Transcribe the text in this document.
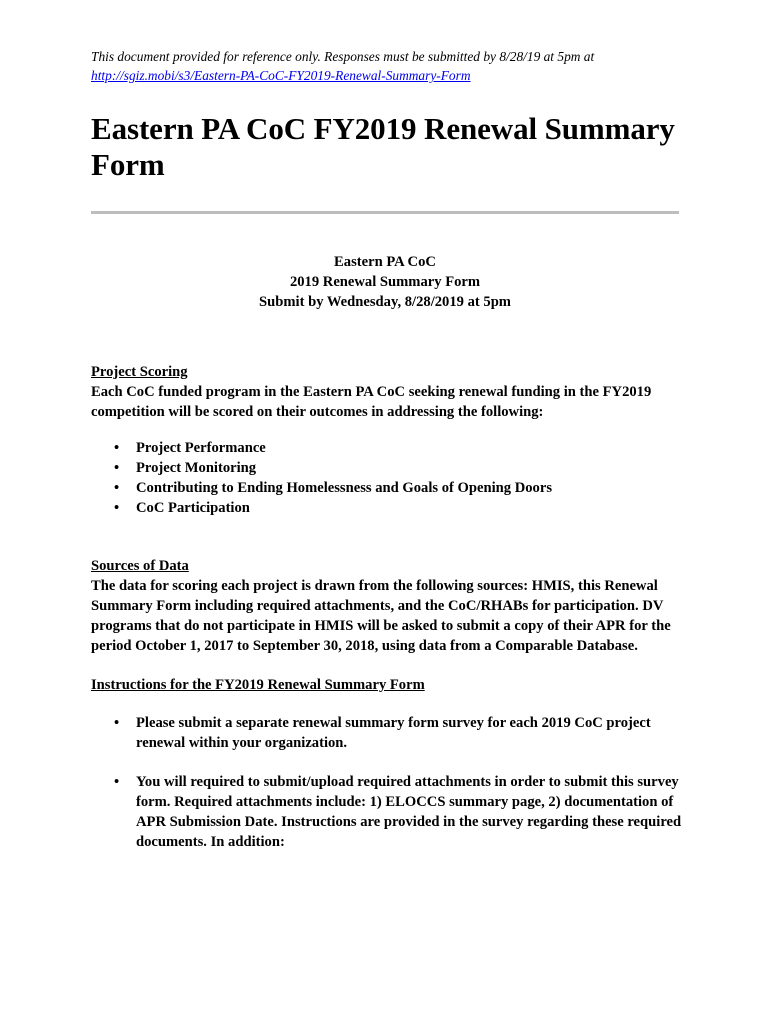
This document provided for reference only. Responses must be submitted by 8/28/19 at 5pm at
http://sgiz.mobi/s3/Eastern-PA-CoC-FY2019-Renewal-Summary-Form

Eastern PA CoC FY2019 Renewal Summary Form
Eastern PA CoC
2019 Renewal Summary Form
Submit by Wednesday, 8/28/2019 at 5pm
Project Scoring

Each CoC funded program in the Eastern PA CoC seeking renewal funding in the FY2019 competition will be scored on their outcomes in addressing the following:

• Project Performance
• Project Monitoring
• Contributing to Ending Homelessness and Goals of Opening Doors
• CoC Participation
Sources of Data

The data for scoring each project is drawn from the following sources: HMIS, this Renewal Summary Form including required attachments, and the CoC/RHABs for participation. DV programs that do not participate in HMIS will be asked to submit a copy of their APR for the period October 1, 2017 to September 30, 2018, using data from a Comparable Database.

Instructions for the FY2019 Renewal Summary Form
• Please submit a separate renewal summary form survey for each 2019 CoC project renewal within your organization.
• You will required to submit/upload required attachments in order to submit this survey form. Required attachments include: 1) ELOCCS summary page, 2) documentation of APR Submission Date. Instructions are provided in the survey regarding these required documents. In addition:
